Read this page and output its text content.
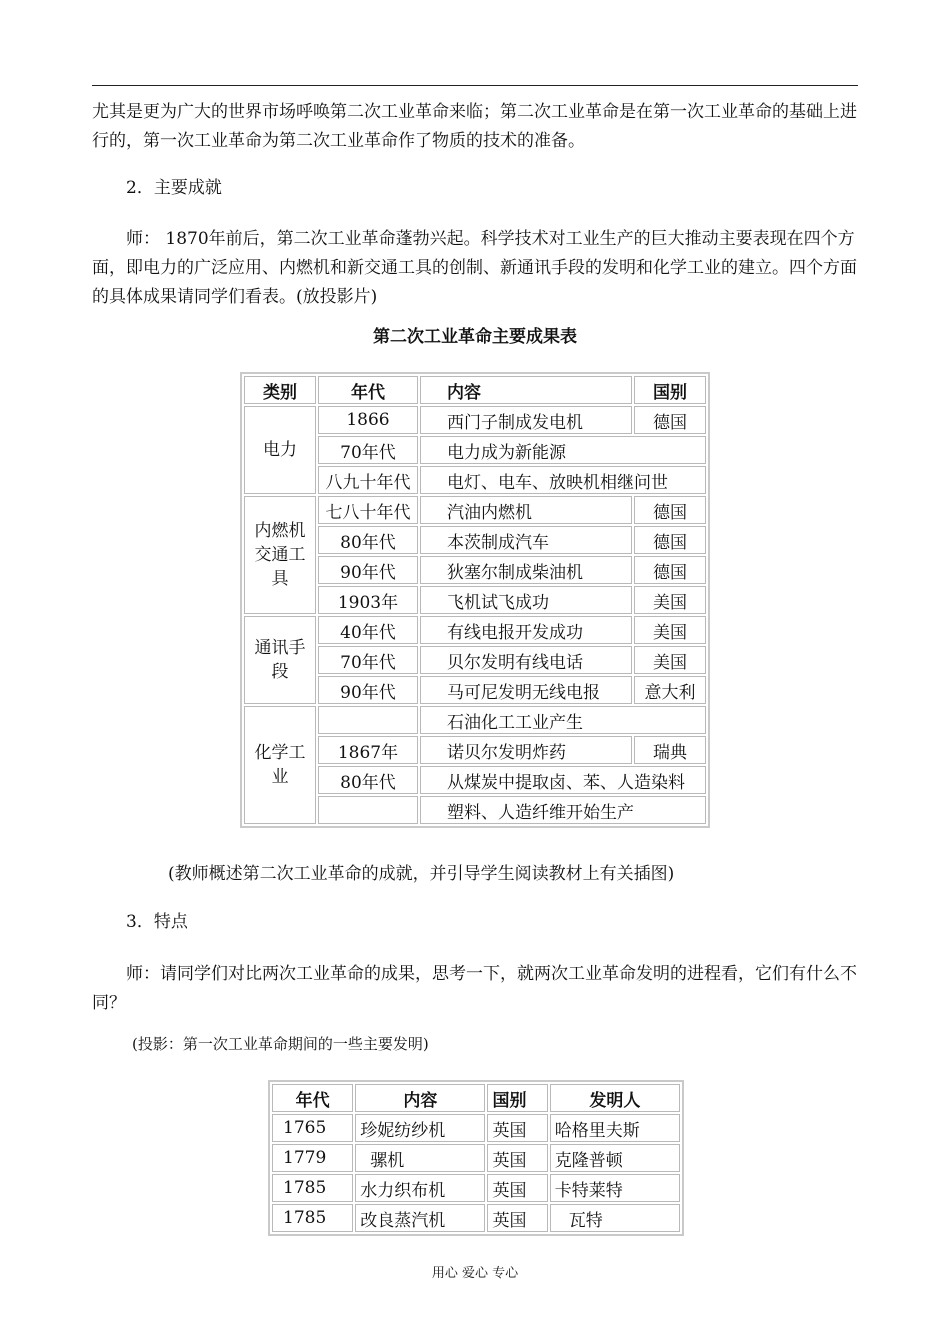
尤其是更为广大的世界市场呼唤第二次工业革命来临；第二次工业革命是在第一次工业革命的基础上进行的，第一次工业革命为第二次工业革命作了物质的技术的准备。

2．主要成就

师： 1870年前后，第二次工业革命蓬勃兴起。科学技术对工业生产的巨大推动主要表现在四个方面，即电力的广泛应用、内燃机和新交通工具的创制、新通讯手段的发明和化学工业的建立。四个方面的具体成果请同学们看表。(放投影片)

第二次工业革命主要成果表
类别	年代	内容	国别
电力	1866	西门子制成发电机	德国
	70年代	电力成为新能源	
	八九十年代	电灯、电车、放映机相继问世	
内燃机交通工具	七八十年代	汽油内燃机	德国
	80年代	本茨制成汽车	德国
	90年代	狄塞尔制成柴油机	德国
	1903年	飞机试飞成功	美国
通讯手段	40年代	有线电报开发成功	美国
	70年代	贝尔发明有线电话	美国
	90年代	马可尼发明无线电报	意大利
化学工业		石油化工工业产生	
	1867年	诺贝尔发明炸药	瑞典
	80年代	从煤炭中提取卤、苯、人造染料	
		塑料、人造纤维开始生产	

(教师概述第二次工业革命的成就，并引导学生阅读教材上有关插图)

3．特点

师：请同学们对比两次工业革命的成果，思考一下，就两次工业革命发明的进程看，它们有什么不同？

(投影：第一次工业革命期间的一些主要发明)

年代	内容	国别	发明人
1765	珍妮纺纱机	英国	哈格里夫斯
1779	骡机	英国	克隆普顿
1785	水力织布机	英国	卡特莱特
1785	改良蒸汽机	英国	瓦特
用心 爱心 专心
